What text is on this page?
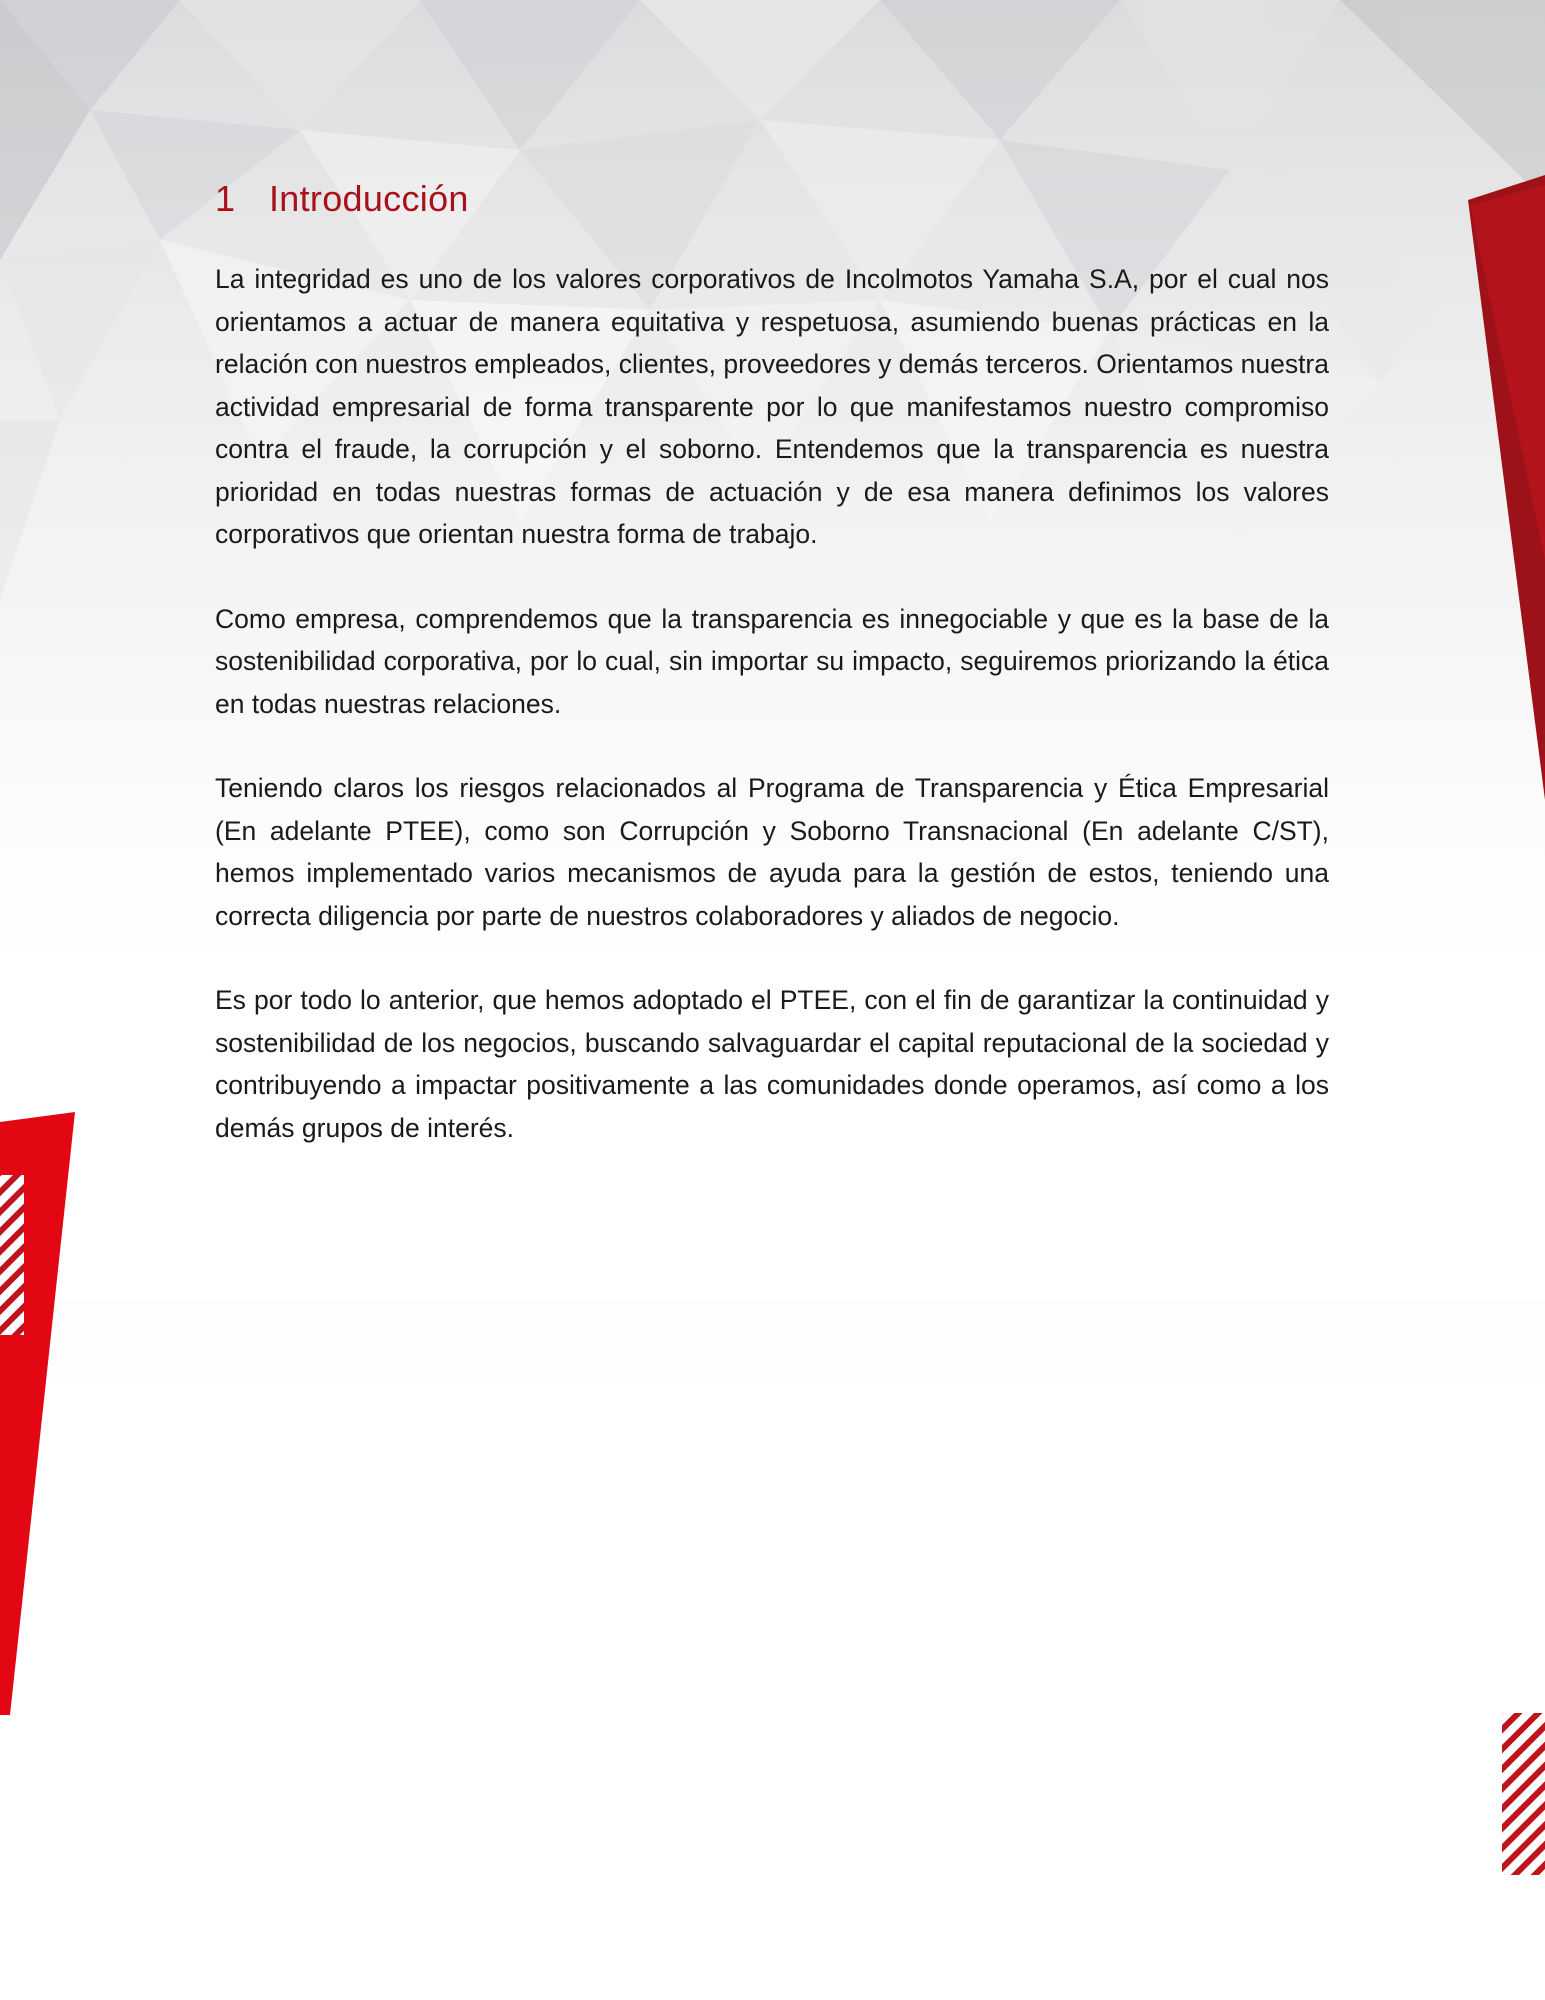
1 Introducción

La integridad es uno de los valores corporativos de Incolmotos Yamaha S.A, por el cual nos orientamos a actuar de manera equitativa y respetuosa, asumiendo buenas prácticas en la relación con nuestros empleados, clientes, proveedores y demás terceros. Orientamos nuestra actividad empresarial de forma transparente por lo que manifestamos nuestro compromiso contra el fraude, la corrupción y el soborno. Entendemos que la transparencia es nuestra prioridad en todas nuestras formas de actuación y de esa manera definimos los valores corporativos que orientan nuestra forma de trabajo.

Como empresa, comprendemos que la transparencia es innegociable y que es la base de la sostenibilidad corporativa, por lo cual, sin importar su impacto, seguiremos priorizando la ética en todas nuestras relaciones.

Teniendo claros los riesgos relacionados al Programa de Transparencia y Ética Empresarial (En adelante PTEE), como son Corrupción y Soborno Transnacional (En adelante C/ST), hemos implementado varios mecanismos de ayuda para la gestión de estos, teniendo una correcta diligencia por parte de nuestros colaboradores y aliados de negocio.

Es por todo lo anterior, que hemos adoptado el PTEE, con el fin de garantizar la continuidad y sostenibilidad de los negocios, buscando salvaguardar el capital reputacional de la sociedad y contribuyendo a impactar positivamente a las comunidades donde operamos, así como a los demás grupos de interés.
